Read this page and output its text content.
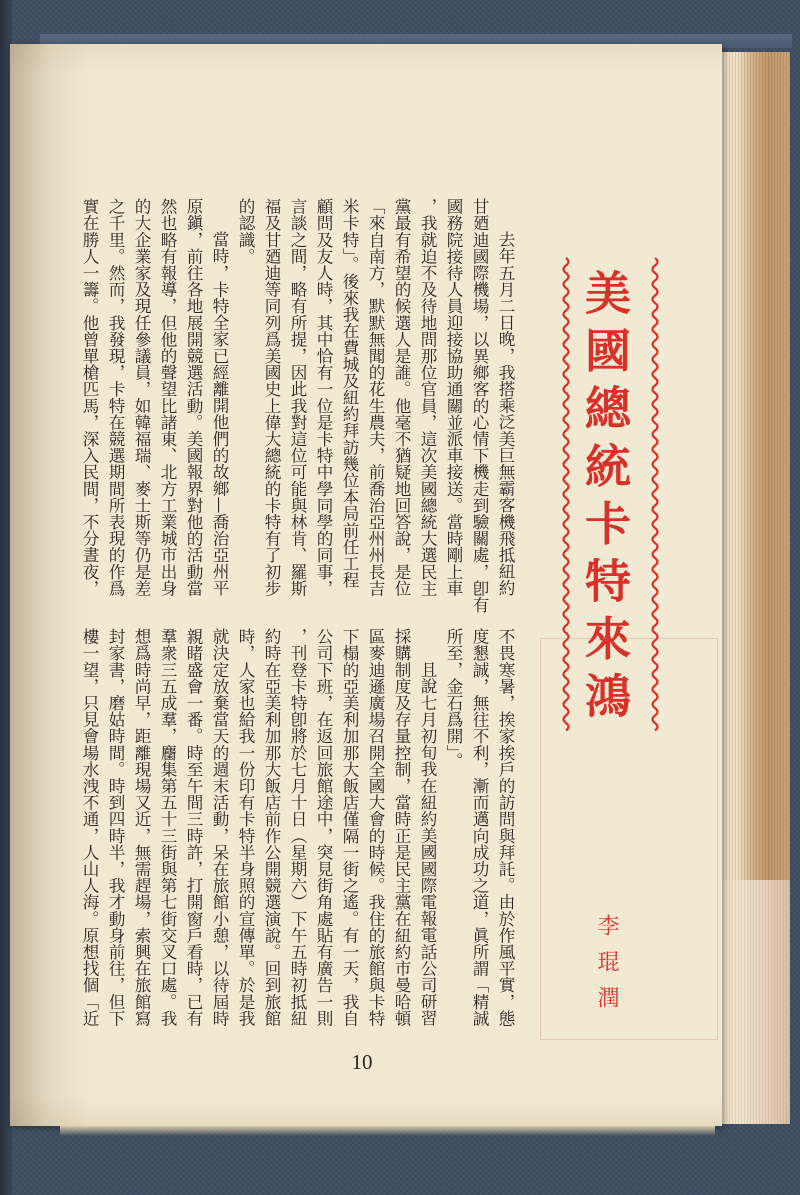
去年五月二日晚，我搭乘泛美巨無霸客機飛抵紐約
甘廼迪國際機場，以異鄉客的心情下機走到驗關處，卽有
國務院接待人員迎接協助通關並派車接送。當時剛上車
，我就迫不及待地問那位官員，這次美國總統大選民主
黨最有希望的候選人是誰。他毫不猶疑地回答說，是位
「來自南方，默默無聞的花生農夫，前喬治亞州州長吉
米卡特」。後來我在費城及紐約拜訪幾位本局前任工程
顧問及友人時，其中恰有一位是卡特中學同學的同事，
言談之間，略有所提，因此我對這位可能與林肯、羅斯
福及甘廼迪等同列爲美國史上偉大總統的卡特有了初步
的認識。
當時，卡特全家已經離開他們的故鄉—喬治亞州平
原鎭，前往各地展開競選活動。美國報界對他的活動當
然也略有報導，但他的聲望比諸東、北方工業城市出身
的大企業家及現任參議員，如韓福瑞、麥士斯等仍是差
之千里。然而，我發現，卡特在競選期間所表現的作爲
實在勝人一籌。他曾單槍匹馬，深入民間，不分晝夜，
不畏寒暑，挨家挨戶的訪問與拜託。由於作風平實，態
度懇誠，無往不利，漸而邁向成功之道，眞所謂「精誠
所至，金石爲開」。
且說七月初旬我在紐約美國國際電報電話公司研習
採購制度及存量控制，當時正是民主黨在紐約市曼哈頓
區麥迪遜廣場召開全國大會的時候。我住的旅館與卡特
下榻的亞美利加那大飯店僅隔一街之遙。有一天，我自
公司下班，在返回旅館途中，突見街角處貼有廣告一則
，刊登卡特卽將於七月十日（星期六）下午五時初抵紐
約時在亞美利加那大飯店前作公開競選演說。回到旅館
時，人家也給我一份印有卡特半身照的宣傳單。於是我
就決定放棄當天的週末活動，呆在旅館小憩，以待屆時
親睹盛會一番。時至午間三時許，打開窗戶看時，已有
羣衆三五成羣，麕集第五十三街與第七街交叉口處。我
想爲時尚早，距離現場又近，無需趕場，索興在旅館寫
封家書，磨姑時間。時到四時半，我才動身前往，但下
樓一望，只見會場水洩不通，人山人海。原想找個「近
美國總統卡特來鴻
李琨潤
10
